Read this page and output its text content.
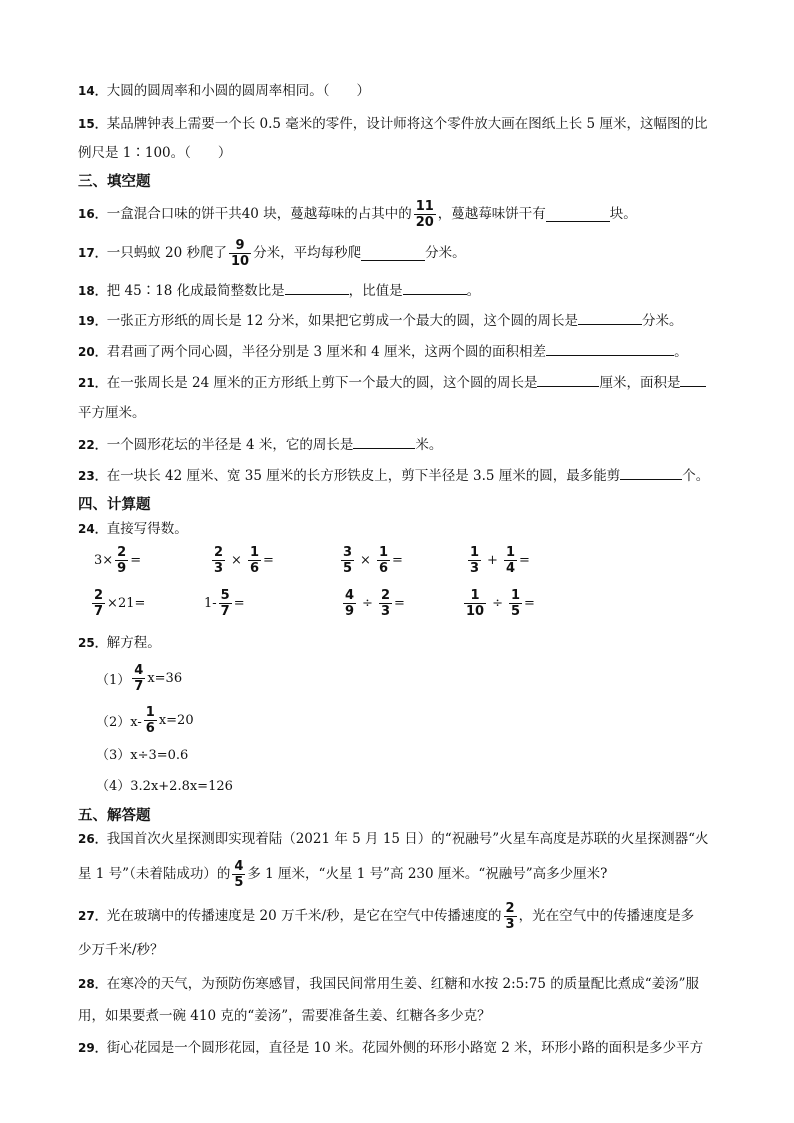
14．大圆的圆周率和小圆的圆周率相同。（　　）
15．某品牌钟表上需要一个长 0.5 毫米的零件，设计师将这个零件放大画在图纸上长 5 厘米，这幅图的比
例尺是 1∶100。（　　）
三、填空题
16 ． 一盒混合口味的饼干共40 块，蔓越莓味的占其中的 $\frac{11}{20}$ ，蔓越莓味饼干有	块。
17 ． 一只蚂蚁 20 秒爬了 $\frac{9}{10}$ 分米，平均每秒爬	分米。
18．把 45∶18 化成最简整数比是	，比值是	。
19．一张正方形纸的周长是 12 分米，如果把它剪成一个最大的圆，这个圆的周长是	分米。
20．君君画了两个同心圆，半径分别是 3 厘米和 4 厘米，这两个圆的面积相差	。
21．在一张周长是 24 厘米的正方形纸上剪下一个最大的圆，这个圆的周长是	厘米，面积是
平方厘米。
22．一个圆形花坛的半径是 4 米，它的周长是	米。
23．在一块长 42 厘米、宽 35 厘米的长方形铁皮上，剪下半径是 3.5 厘米的圆，最多能剪	个。
四、计算题
24．直接写得数。
$3\times \frac{2}{9}$ =	$\frac{2}{3} \times \frac{1}{6}$ =	$\frac{3}{5} \times \frac{1}{6}$ =	$\frac{1}{3} + \frac{1}{4}$ =
$\frac{2}{7} \times 21=$	$1- \frac{5}{7}$ =	$\frac{4}{9} \div \frac{2}{3}$ =	$\frac{1}{10} \div \frac{1}{5}$ =
25．解方程。
$(1) \frac{4}{7} x=36$
$(2)x- \frac{1}{6} x=20$
（3）x÷3=0.6
（4）3.2x+2.8x=126
五、解答题
26．我国首次火星探测即实现着陆（2021 年 5 月 15 日）的“祝融号”火星车高度是苏联的火星探测器“火
星 1 号”（未着陆成功）的 $\frac{4}{5}$ 多 1 厘米，“火星 1 号”高 230 厘米。“祝融号”高多少厘米?
27 ． 光在玻璃中的传播速度是 20 万千米/秒，是它在空气中传播速度的 $\frac{2}{3}$ ，光在空气中的传播速度是多
少万千米/秒？
28．在寒冷的天气，为预防伤寒感冒，我国民间常用生姜、红糖和水按 2:5:75 的质量配比煮成“姜汤”服
用，如果要煮一碗 410 克的“姜汤”，需要准备生姜、红糖各多少克？
29．街心花园是一个圆形花园，直径是 10 米。花园外侧的环形小路宽 2 米，环形小路的面积是多少平方
